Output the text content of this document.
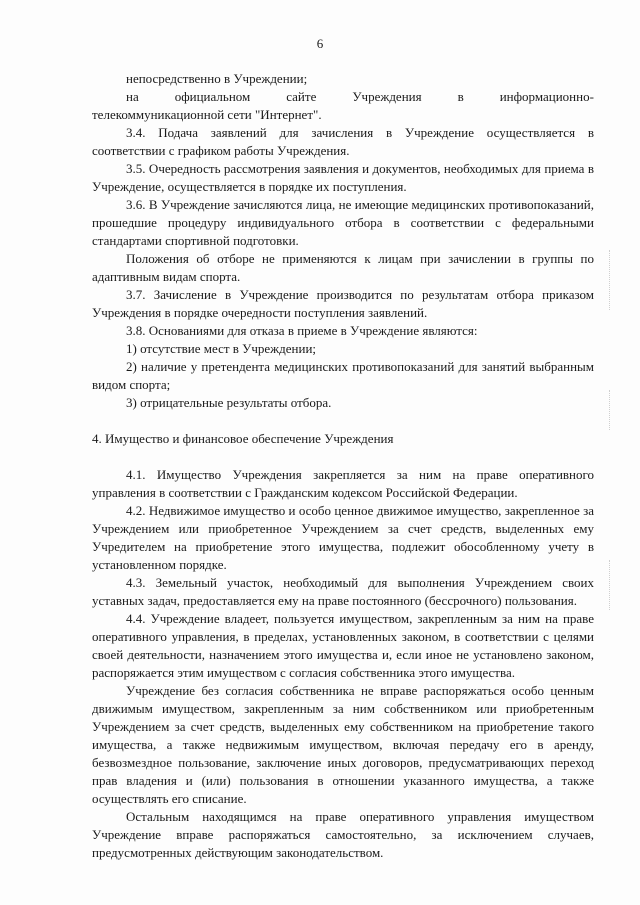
6

непосредственно в Учреждении;

на	официальном	сайте	Учреждения	в	информационно-

телекоммуникационной сети "Интернет".

3.4. Подача заявлений для зачисления в Учреждение осуществляется в соответствии с графиком работы Учреждения.

3.5. Очередность рассмотрения заявления и документов, необходимых для приема в Учреждение, осуществляется в порядке их поступления.

3.6. В Учреждение зачисляются лица, не имеющие медицинских противопоказаний, прошедшие процедуру индивидуального отбора в соответствии с федеральными стандартами спортивной подготовки.

Положения об отборе не применяются к лицам при зачислении в группы по адаптивным видам спорта.

3.7. Зачисление в Учреждение производится по результатам отбора приказом Учреждения в порядке очередности поступления заявлений.

3.8. Основаниями для отказа в приеме в Учреждение являются:

1) отсутствие мест в Учреждении;

2) наличие у претендента медицинских противопоказаний для занятий выбранным видом спорта;

3) отрицательные результаты отбора.

4. Имущество и финансовое обеспечение Учреждения

4.1. Имущество Учреждения закрепляется за ним на праве оперативного управления в соответствии с Гражданским кодексом Российской Федерации.

4.2. Недвижимое имущество и особо ценное движимое имущество, закрепленное за Учреждением или приобретенное Учреждением за счет средств, выделенных ему Учредителем на приобретение этого имущества, подлежит обособленному учету в установленном порядке.

4.3. Земельный участок, необходимый для выполнения Учреждением своих уставных задач, предоставляется ему на праве постоянного (бессрочного) пользования.

4.4. Учреждение владеет, пользуется имуществом, закрепленным за ним на праве оперативного управления, в пределах, установленных законом, в соответствии с целями своей деятельности, назначением этого имущества и, если иное не установлено законом, распоряжается этим имуществом с согласия собственника этого имущества.

Учреждение без согласия собственника не вправе распоряжаться особо ценным движимым имуществом, закрепленным за ним собственником или приобретенным Учреждением за счет средств, выделенных ему собственником на приобретение такого имущества, а также недвижимым имуществом, включая передачу его в аренду, безвозмездное пользование, заключение иных договоров, предусматривающих переход прав владения и (или) пользования в отношении указанного имущества, а также осуществлять его списание.

Остальным находящимся на праве оперативного управления имуществом Учреждение вправе распоряжаться самостоятельно, за исключением случаев, предусмотренных действующим законодательством.
